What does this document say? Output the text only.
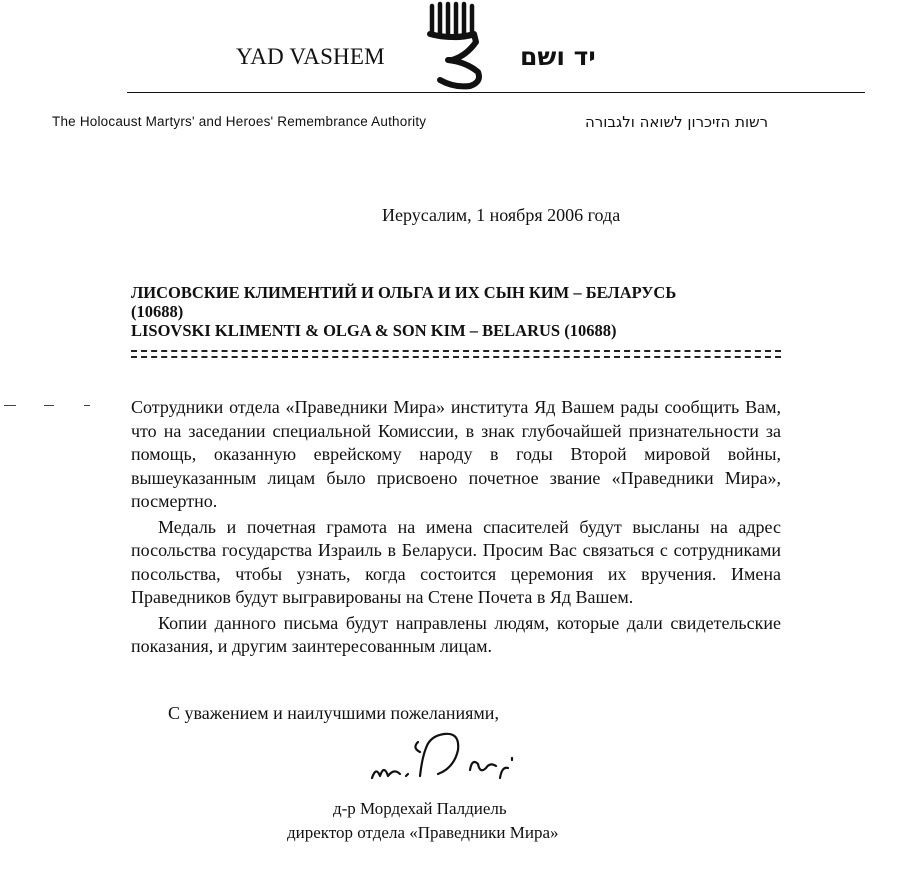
YAD VASHEM	יד ושם
The Holocaust Martyrs' and Heroes' Remembrance Authority	רשות הזיכרון לשואה ולגבורה
Иерусалим, 1 ноября 2006 года
ЛИСОВСКИЕ КЛИМЕНТИЙ И ОЛЬГА И ИХ СЫН КИМ – БЕЛАРУСЬ
(10688)
LISOVSKI KLIMENTI & OLGA & SON KIM – BELARUS (10688)

Сотрудники отдела «Праведники Мира» института Яд Вашем рады сообщить Вам, что на заседании специальной Комиссии, в знак глубочайшей признательности за помощь, оказанную еврейскому народу в годы Второй мировой войны, вышеуказанным лицам было присвоено почетное звание «Праведники Мира», посмертно.

Медаль и почетная грамота на имена спасителей будут высланы на адрес посольства государства Израиль в Беларуси. Просим Вас связаться с сотрудниками посольства, чтобы узнать, когда состоится церемония их вручения. Имена Праведников будут выгравированы на Стене Почета в Яд Вашем.

Копии данного письма будут направлены людям, которые дали свидетельские показания, и другим заинтересованным лицам.

С уважением и наилучшими пожеланиями,
д-р Мордехай Палдиель
директор отдела «Праведники Мира»
